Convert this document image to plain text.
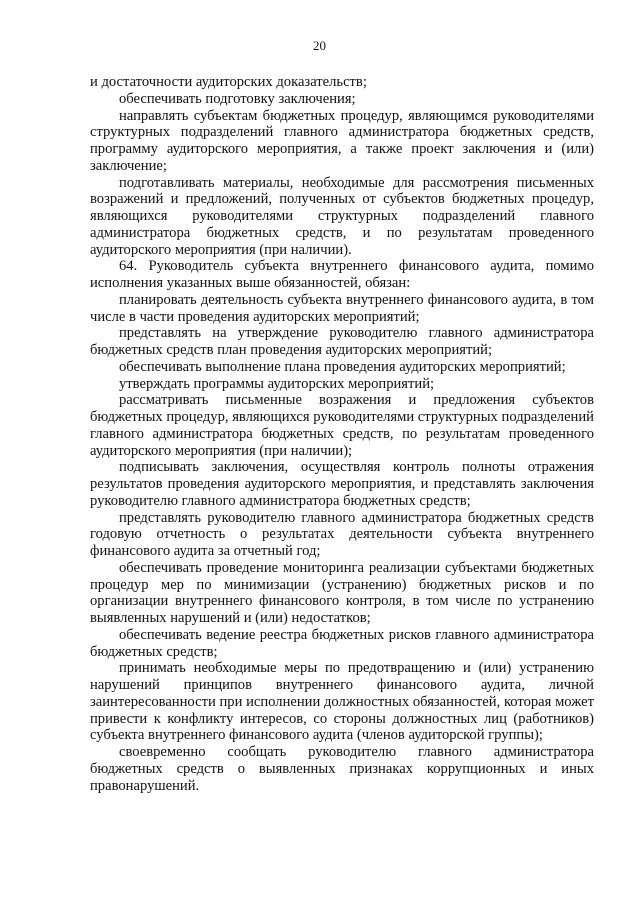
20

и достаточности аудиторских доказательств;

обеспечивать подготовку заключения;

направлять субъектам бюджетных процедур, являющимся руководителями структурных подразделений главного администратора бюджетных средств, программу аудиторского мероприятия, а также проект заключения и (или) заключение;

подготавливать материалы, необходимые для рассмотрения письменных возражений и предложений, полученных от субъектов бюджетных процедур, являющихся руководителями структурных подразделений главного администратора бюджетных средств, и по результатам проведенного аудиторского мероприятия (при наличии).

64. Руководитель субъекта внутреннего финансового аудита, помимо исполнения указанных выше обязанностей, обязан:

планировать деятельность субъекта внутреннего финансового аудита, в том числе в части проведения аудиторских мероприятий;

представлять на утверждение руководителю главного администратора бюджетных средств план проведения аудиторских мероприятий;

обеспечивать выполнение плана проведения аудиторских мероприятий;

утверждать программы аудиторских мероприятий;

рассматривать письменные возражения и предложения субъектов бюджетных процедур, являющихся руководителями структурных подразделений главного администратора бюджетных средств, по результатам проведенного аудиторского мероприятия (при наличии);

подписывать заключения, осуществляя контроль полноты отражения результатов проведения аудиторского мероприятия, и представлять заключения руководителю главного администратора бюджетных средств;

представлять руководителю главного администратора бюджетных средств годовую отчетность о результатах деятельности субъекта внутреннего финансового аудита за отчетный год;

обеспечивать проведение мониторинга реализации субъектами бюджетных процедур мер по минимизации (устранению) бюджетных рисков и по организации внутреннего финансового контроля, в том числе по устранению выявленных нарушений и (или) недостатков;

обеспечивать ведение реестра бюджетных рисков главного администратора бюджетных средств;

принимать необходимые меры по предотвращению и (или) устранению нарушений принципов внутреннего финансового аудита, личной заинтересованности при исполнении должностных обязанностей, которая может привести к конфликту интересов, со стороны должностных лиц (работников) субъекта внутреннего финансового аудита (членов аудиторской группы);

своевременно сообщать руководителю главного администратора бюджетных средств о выявленных признаках коррупционных и иных правонарушений.
